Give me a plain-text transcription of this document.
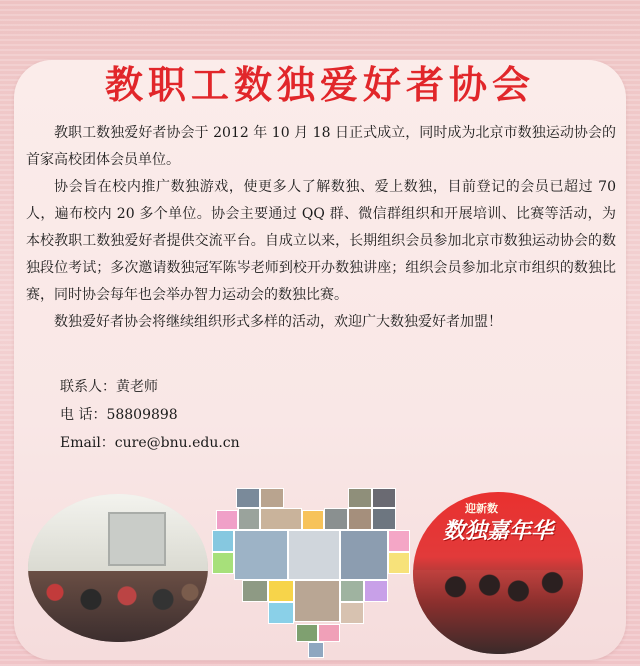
教职工数独爱好者协会

教职工数独爱好者协会于 2012 年 10 月 18 日正式成立，同时成为北京市数独运动协会的首家高校团体会员单位。

协会旨在校内推广数独游戏，使更多人了解数独、爱上数独，目前登记的会员已超过 70 人，遍布校内 20 多个单位。协会主要通过 QQ 群、微信群组织和开展培训、比赛等活动，为本校教职工数独爱好者提供交流平台。自成立以来，长期组织会员参加北京市数独运动协会的数独段位考试；多次邀请数独冠军陈岑老师到校开办数独讲座；组织会员参加北京市组织的数独比赛，同时协会每年也会举办智力运动会的数独比赛。

数独爱好者协会将继续组织形式多样的活动，欢迎广大数独爱好者加盟！

联系人：黄老师
电 话：58809898
Email：cure@bnu.edu.cn
迎新数
数独嘉年华
